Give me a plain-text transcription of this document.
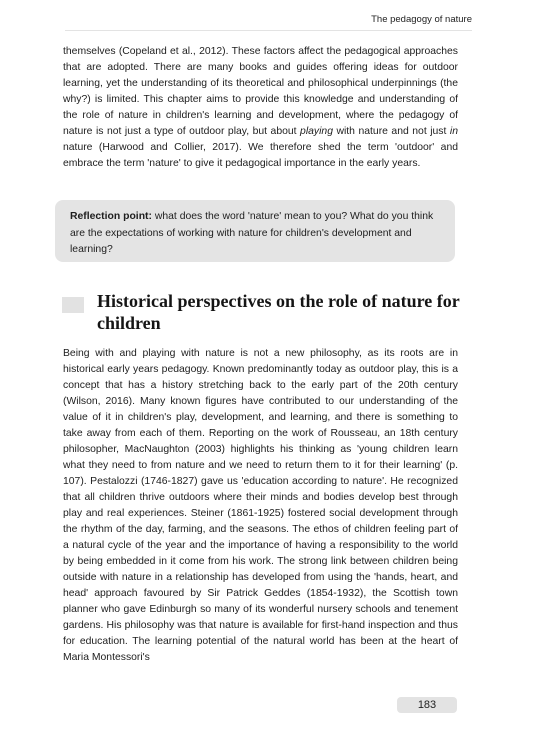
The pedagogy of nature

themselves (Copeland et al., 2012). These factors affect the pedagogical approaches that are adopted. There are many books and guides offering ideas for outdoor learning, yet the understanding of its theoretical and philosophical underpinnings (the why?) is limited. This chapter aims to provide this knowledge and understanding of the role of nature in children's learning and development, where the pedagogy of nature is not just a type of outdoor play, but about playing with nature and not just in nature (Harwood and Collier, 2017). We therefore shed the term 'outdoor' and embrace the term 'nature' to give it pedagogical importance in the early years.

Reflection point: what does the word 'nature' mean to you? What do you think are the expectations of working with nature for children's development and learning?

Historical perspectives on the role of nature for children

Being with and playing with nature is not a new philosophy, as its roots are in historical early years pedagogy. Known predominantly today as outdoor play, this is a concept that has a history stretching back to the early part of the 20th century (Wilson, 2016). Many known figures have contributed to our understanding of the value of it in children's play, development, and learning, and there is something to take away from each of them. Reporting on the work of Rousseau, an 18th century philosopher, MacNaughton (2003) highlights his thinking as 'young children learn what they need to from nature and we need to return them to it for their learning' (p. 107). Pestalozzi (1746-1827) gave us 'education according to nature'. He recognized that all children thrive outdoors where their minds and bodies develop best through play and real experiences. Steiner (1861-1925) fostered social development through the rhythm of the day, farming, and the seasons. The ethos of children feeling part of a natural cycle of the year and the importance of having a responsibility to the world by being embedded in it come from his work. The strong link between children being outside with nature in a relationship has developed from using the 'hands, heart, and head' approach favoured by Sir Patrick Geddes (1854-1932), the Scottish town planner who gave Edinburgh so many of its wonderful nursery schools and tenement gardens. His philosophy was that nature is available for first-hand inspection and thus for education. The learning potential of the natural world has been at the heart of Maria Montessori's

183
